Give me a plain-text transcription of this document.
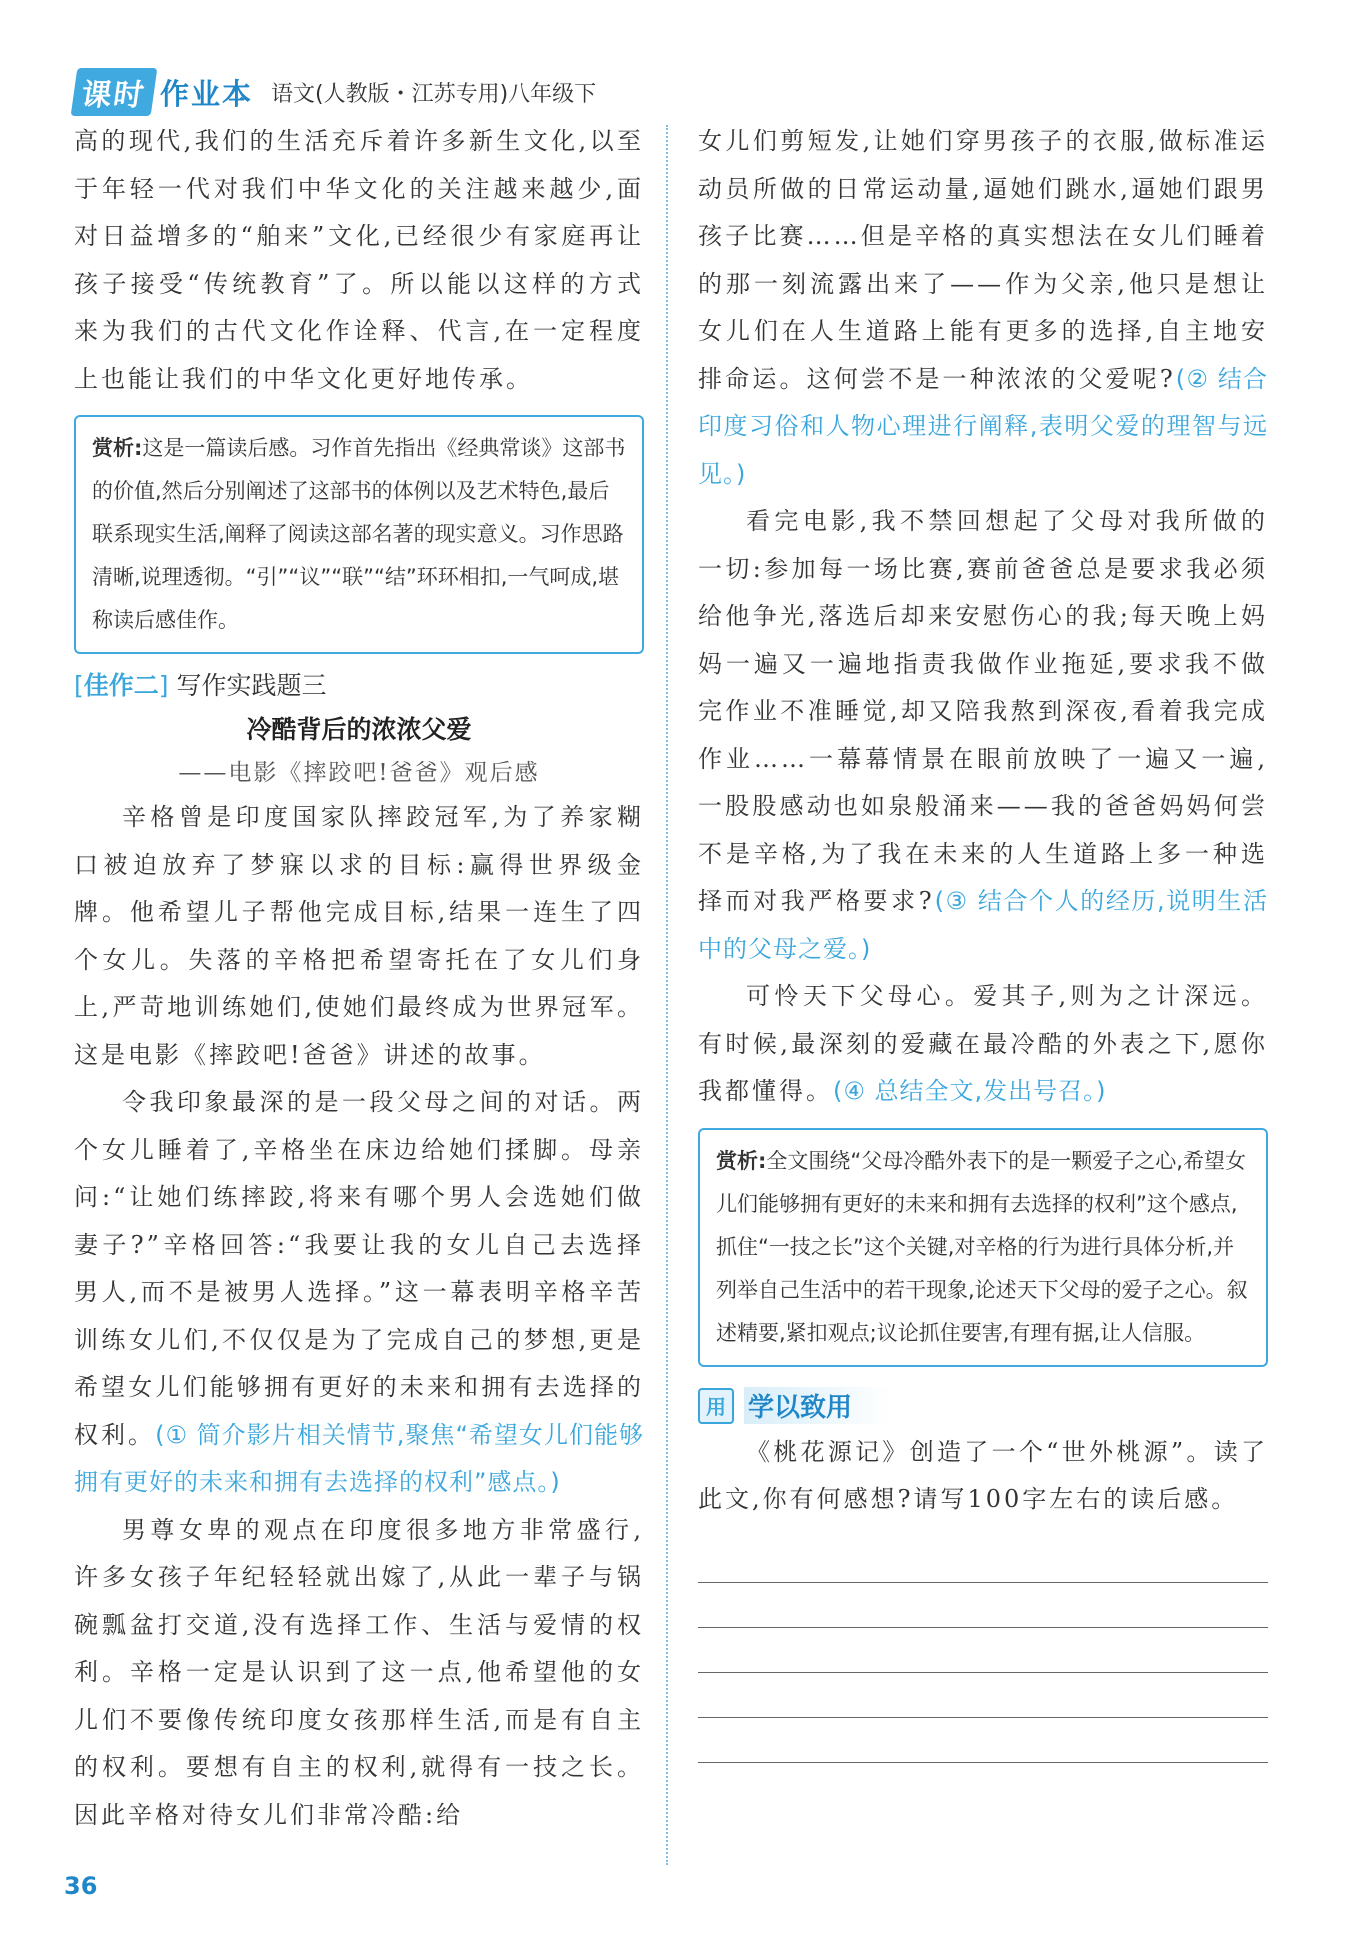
课时 作业本 语文(人教版・江苏专用)八年级下

高的现代,我们的生活充斥着许多新生文化,以至于年轻一代对我们中华文化的关注越来越少,面对日益增多的“舶来”文化,已经很少有家庭再让孩子接受“传统教育”了。所以能以这样的方式来为我们的古代文化作诠释、代言,在一定程度上也能让我们的中华文化更好地传承。

赏析:这是一篇读后感。习作首先指出《经典常谈》这部书的价值,然后分别阐述了这部书的体例以及艺术特色,最后联系现实生活,阐释了阅读这部名著的现实意义。习作思路清晰,说理透彻。“引”“议”“联”“结”环环相扣,一气呵成,堪称读后感佳作。
[佳作二] 写作实践题三
冷酷背后的浓浓父爱
——电影《摔跤吧!爸爸》观后感

辛格曾是印度国家队摔跤冠军,为了养家糊口被迫放弃了梦寐以求的目标:赢得世界级金牌。他希望儿子帮他完成目标,结果一连生了四个女儿。失落的辛格把希望寄托在了女儿们身上,严苛地训练她们,使她们最终成为世界冠军。这是电影《摔跤吧!爸爸》讲述的故事。

令我印象最深的是一段父母之间的对话。两个女儿睡着了,辛格坐在床边给她们揉脚。母亲问:“让她们练摔跤,将来有哪个男人会选她们做妻子?”辛格回答:“我要让我的女儿自己去选择男人,而不是被男人选择。”这一幕表明辛格辛苦训练女儿们,不仅仅是为了完成自己的梦想,更是希望女儿们能够拥有更好的未来和拥有去选择的权利。(① 简介影片相关情节,聚焦“希望女儿们能够拥有更好的未来和拥有去选择的权利”感点。)

男尊女卑的观点在印度很多地方非常盛行,许多女孩子年纪轻轻就出嫁了,从此一辈子与锅碗瓢盆打交道,没有选择工作、生活与爱情的权利。辛格一定是认识到了这一点,他希望他的女儿们不要像传统印度女孩那样生活,而是有自主的权利。要想有自主的权利,就得有一技之长。因此辛格对待女儿们非常冷酷:给

女儿们剪短发,让她们穿男孩子的衣服,做标准运动员所做的日常运动量,逼她们跳水,逼她们跟男孩子比赛……但是辛格的真实想法在女儿们睡着的那一刻流露出来了——作为父亲,他只是想让女儿们在人生道路上能有更多的选择,自主地安排命运。这何尝不是一种浓浓的父爱呢?(② 结合印度习俗和人物心理进行阐释,表明父爱的理智与远见。)

看完电影,我不禁回想起了父母对我所做的一切:参加每一场比赛,赛前爸爸总是要求我必须给他争光,落选后却来安慰伤心的我;每天晚上妈妈一遍又一遍地指责我做作业拖延,要求我不做完作业不准睡觉,却又陪我熬到深夜,看着我完成作业……一幕幕情景在眼前放映了一遍又一遍,一股股感动也如泉般涌来——我的爸爸妈妈何尝不是辛格,为了我在未来的人生道路上多一种选择而对我严格要求?(③ 结合个人的经历,说明生活中的父母之爱。)

可怜天下父母心。爱其子,则为之计深远。有时候,最深刻的爱藏在最冷酷的外表之下,愿你我都懂得。(④ 总结全文,发出号召。)

赏析:全文围绕“父母冷酷外表下的是一颗爱子之心,希望女儿们能够拥有更好的未来和拥有去选择的权利”这个感点,抓住“一技之长”这个关键,对辛格的行为进行具体分析,并列举自己生活中的若干现象,论述天下父母的爱子之心。叙述精要,紧扣观点;议论抓住要害,有理有据,让人信服。
用 学以致用

《桃花源记》创造了一个“世外桃源”。读了此文,你有何感想?请写100字左右的读后感。

36
